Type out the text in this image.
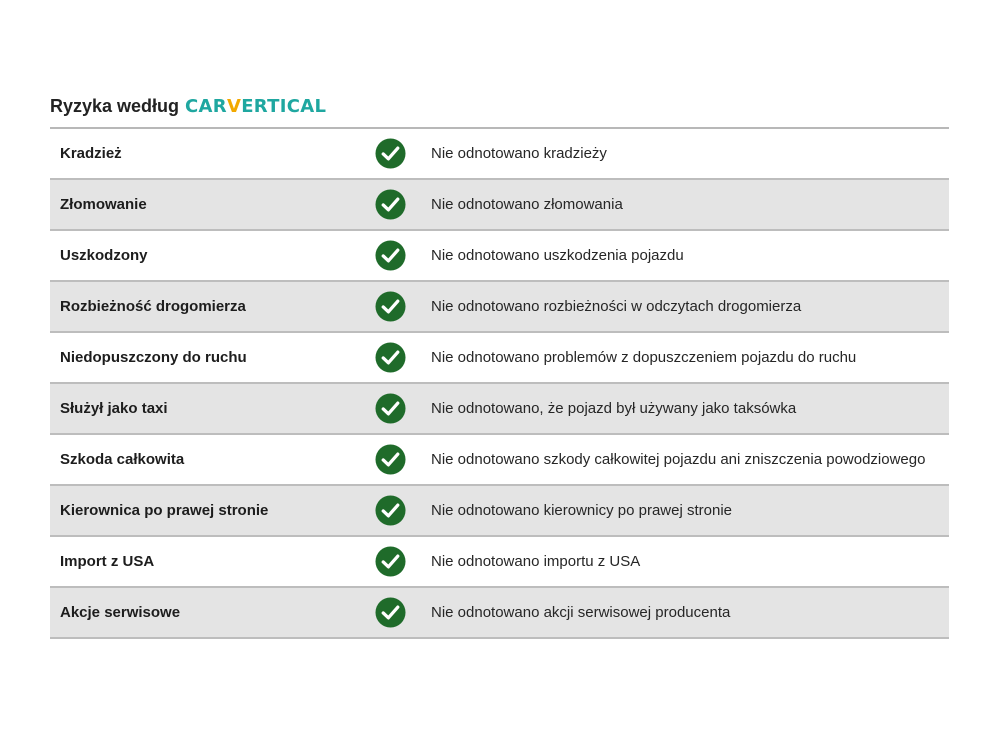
Ryzyka według CARVERTICAL
Kradzież	Nie odnotowano kradzieży
Złomowanie	Nie odnotowano złomowania
Uszkodzony	Nie odnotowano uszkodzenia pojazdu
Rozbieżność drogomierza	Nie odnotowano rozbieżności w odczytach drogomierza
Niedopuszczony do ruchu	Nie odnotowano problemów z dopuszczeniem pojazdu do ruchu
Służył jako taxi	Nie odnotowano, że pojazd był używany jako taksówka
Szkoda całkowita	Nie odnotowano szkody całkowitej pojazdu ani zniszczenia powodziowego
Kierownica po prawej stronie	Nie odnotowano kierownicy po prawej stronie
Import z USA	Nie odnotowano importu z USA
Akcje serwisowe	Nie odnotowano akcji serwisowej producenta
